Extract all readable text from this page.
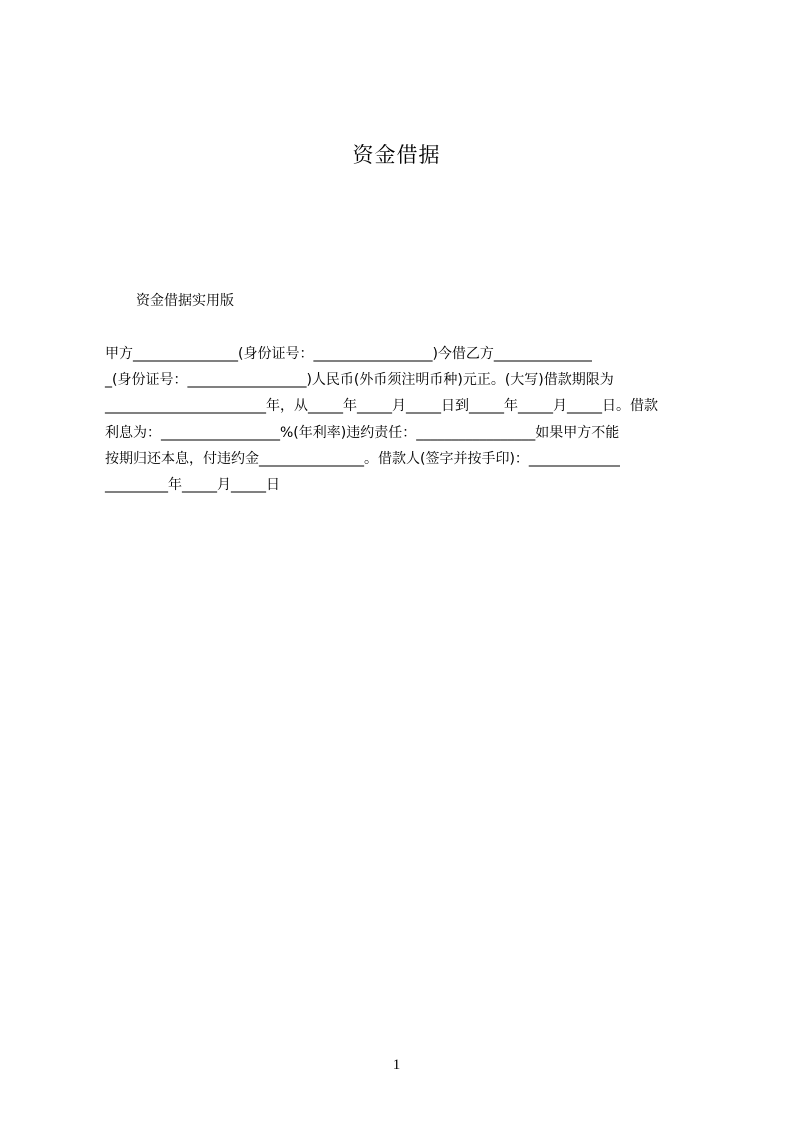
资金借据
资金借据实用版
甲方_______________(身份证号：_________________)今借乙方______________
_(身份证号：_________________)人民币(外币须注明币种)元正。(大写)借款期限为
_______________________年，从_____年_____月_____日到_____年_____月_____日。借款
利息为：_________________%(年利率)违约责任：_________________如果甲方不能
按期归还本息，付违约金_______________。借款人(签字并按手印)：_____________
_________年_____月_____日
1
